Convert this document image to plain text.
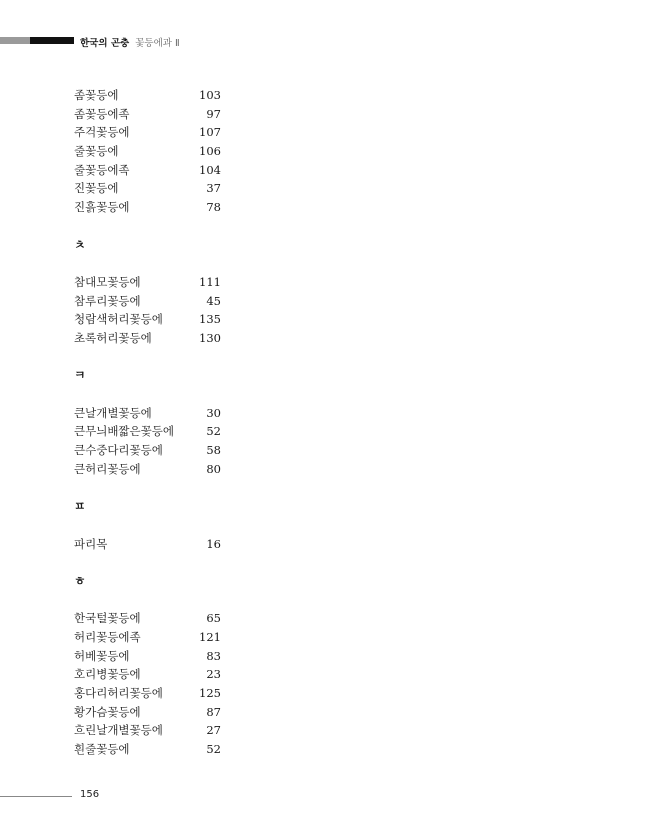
한국의 곤충 꽃등에과 Ⅱ
좀꽃등에	103
좀꽃등에족	97
주걱꽃등에	107
줄꽃등에	106
줄꽃등에족	104
진꽃등에	37
진흙꽃등에	78
ㅊ
참대모꽃등에	111
참루리꽃등에	45
청람색허리꽃등에	135
초록허리꽃등에	130
ㅋ
큰날개별꽃등에	30
큰무늬배짧은꽃등에	52
큰수중다리꽃등에	58
큰허리꽃등에	80
ㅍ
파리목	16
ㅎ
한국털꽃등에	65
허리꽃등에족	121
허베꽃등에	83
호리병꽃등에	23
홍다리허리꽃등에	125
황가슴꽃등에	87
흐린날개별꽃등에	27
흰줄꽃등에	52
156
